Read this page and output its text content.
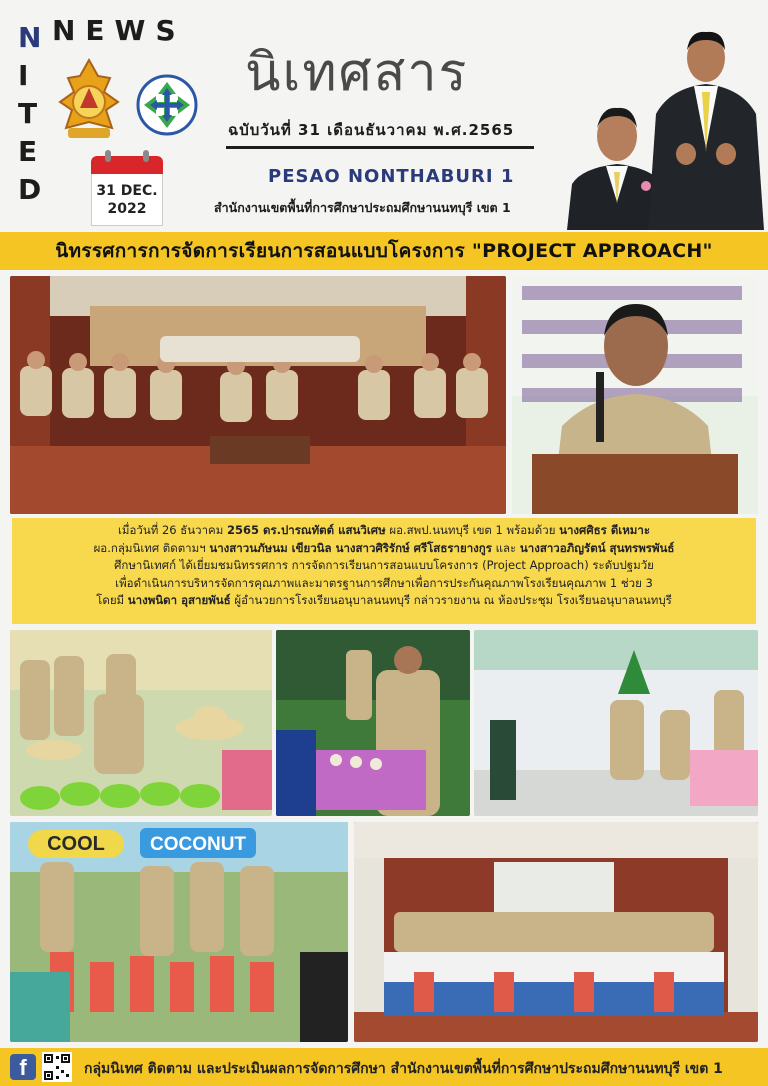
NEWS
N
I
T
E
D	31 DEC.
2022
นิเทศสาร
ฉบับวันที่ 31 เดือนธันวาคม พ.ศ.2565
PESAO NONTHABURI 1
สำนักงานเขตพื้นที่การศึกษาประถมศึกษานนทบุรี เขต 1
นิทรรศการการจัดการเรียนการสอนแบบโครงการ "PROJECT APPROACH"
เมื่อวันที่ 26 ธันวาคม 2565 ดร.ปารณทัตต์ แสนวิเศษ ผอ.สพป.นนทบุรี เขต 1 พร้อมด้วย นางศศิธร ดีเหมาะ
ผอ.กลุ่มนิเทศ ติดตามฯ นางสาวนภัษนม เขียวนิล นางสาวศิริรักษ์ ศรีโสธรายางกูร และ นางสาวอภิญรัตน์ สุนทรพรพันธ์
ศึกษานิเทศก์ ได้เยี่ยมชมนิทรรศการ การจัดการเรียนการสอนแบบโครงการ (Project Approach) ระดับปฐมวัย
เพื่อดำเนินการบริหารจัดการคุณภาพและมาตรฐานการศึกษาเพื่อการประกันคุณภาพโรงเรียนคุณภาพ 1 ช่วย 3
โดยมี นางพนิดา อุสายพันธ์ ผู้อำนวยการโรงเรียนอนุบาลนนทบุรี กล่าวรายงาน ณ ห้องประชุม โรงเรียนอนุบาลนนทบุรี
COOL COCONUT
f	กลุ่มนิเทศ ติดตาม และประเมินผลการจัดการศึกษา สำนักงานเขตพื้นที่การศึกษาประถมศึกษานนทบุรี เขต 1
